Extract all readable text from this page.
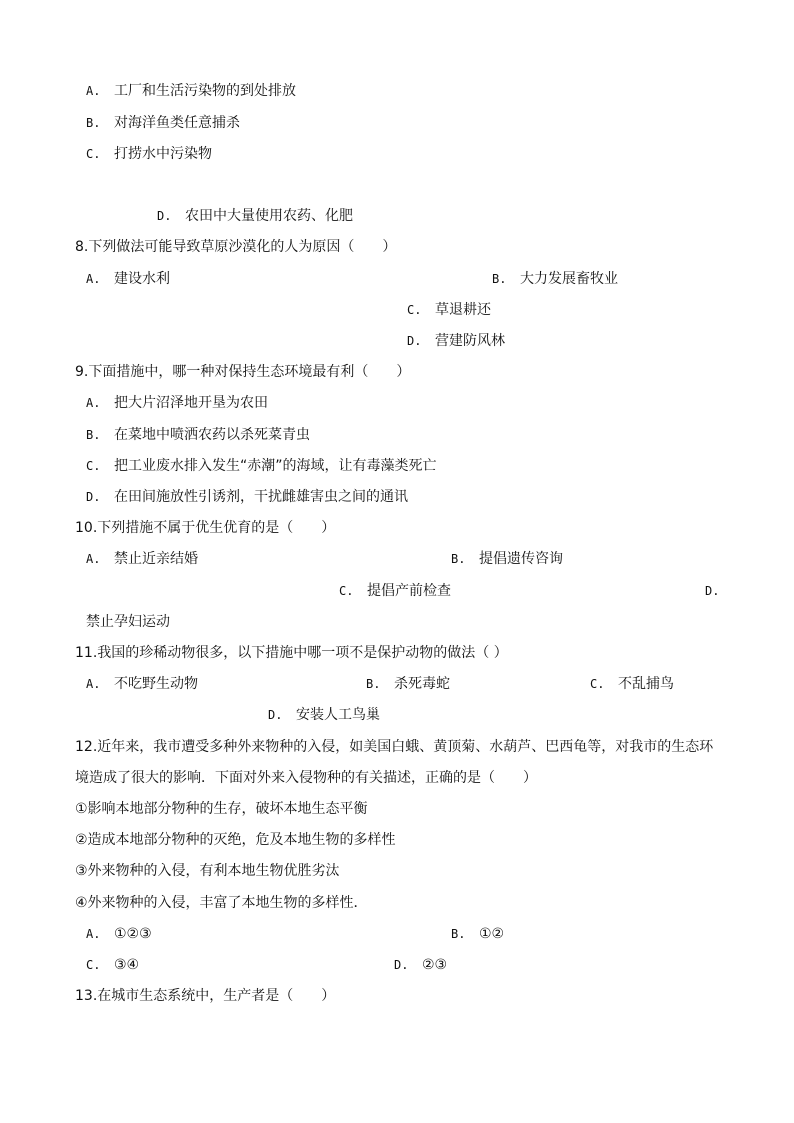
A. 工厂和生活污染物的到处排放
B. 对海洋鱼类任意捕杀
C. 打捞水中污染物
D. 农田中大量使用农药、化肥
8.下列做法可能导致草原沙漠化的人为原因（　　）
A. 建设水利	B. 大力发展畜牧业
C. 草退耕还
D. 营建防风林
9.下面措施中，哪一种对保持生态环境最有利（　　）
A. 把大片沼泽地开垦为农田
B. 在菜地中喷洒农药以杀死菜青虫
C. 把工业废水排入发生“赤潮”的海域，让有毒藻类死亡
D. 在田间施放性引诱剂，干扰雌雄害虫之间的通讯
10.下列措施不属于优生优育的是（　　）
A. 禁止近亲结婚	B. 提倡遗传咨询
C. 提倡产前检查	D.
禁止孕妇运动
11.我国的珍稀动物很多，以下措施中哪一项不是保护动物的做法（ ）
A. 不吃野生动物	B. 杀死毒蛇	C. 不乱捕鸟
D. 安装人工鸟巢
12.近年来，我市遭受多种外来物种的入侵，如美国白蛾、黄顶菊、水葫芦、巴西龟等，对我市的生态环
境造成了很大的影响．下面对外来入侵物种的有关描述，正确的是（　　）
①影响本地部分物种的生存，破坏本地生态平衡
②造成本地部分物种的灭绝，危及本地生物的多样性
③外来物种的入侵，有利本地生物优胜劣汰
④外来物种的入侵，丰富了本地生物的多样性．
A. ①②③	B. ①②
C. ③④	D. ②③
13.在城市生态系统中，生产者是（　　）
